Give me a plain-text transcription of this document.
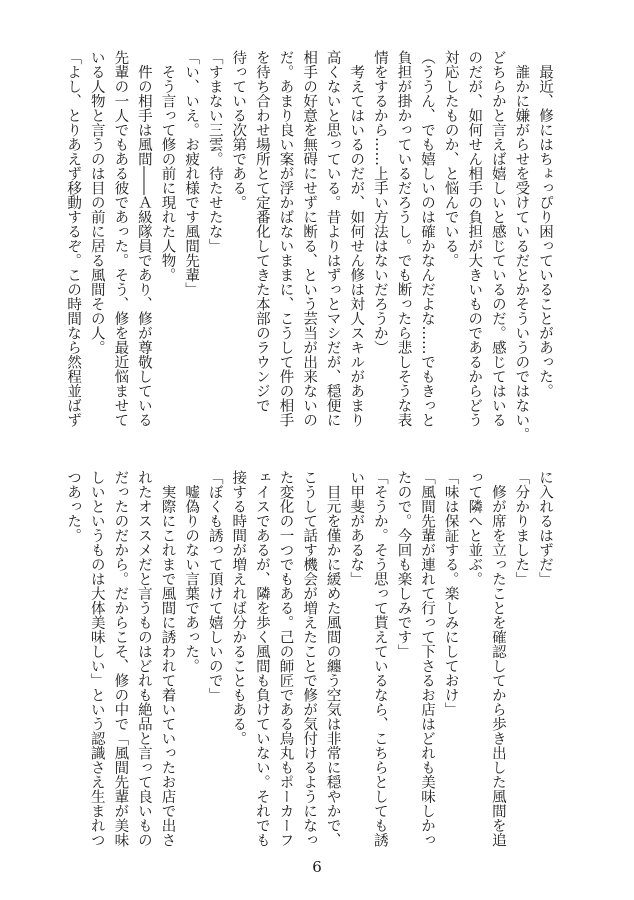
　最近、修にはちょっぴり困っていることがあった。
　誰かに嫌がらせを受けているだとかそういうのではない。
どちらかと言えば嬉しいと感じているのだ。感じてはいる
のだが、如何せん相手の負担が大きいものであるからどう
対応したものか、と悩んでいる。
（ううん、でも嬉しいのは確かなんだよな……でもきっと
負担が掛かっているだろうし。でも断ったら悲しそうな表
情をするから……上手い方法はないだろうか）
　考えてはいるのだが、如何せん修は対人スキルがあまり
高くないと思っている。昔よりはずっとマシだが、穏便に
相手の好意を無碍にせずに断る、という芸当が出来ないの
だ。あまり良い案が浮かばないままに、こうして件の相手
を待ち合わせ場所とて定番化してきた本部のラウンジで
待っている次第である。
「すまない三雲。待たせたな」
「い、いえ。お疲れ様です風間先輩」
　そう言って修の前に現れた人物。
　件の相手は風間――Ａ級隊員であり、修が尊敬している
先輩の一人でもある彼であった。そう、修を最近悩ませて
いる人物と言うのは目の前に居る風間その人。
「よし、とりあえず移動するぞ。この時間なら然程並ばず
に入れるはずだ」
「分かりました」
　修が席を立ったことを確認してから歩き出した風間を追
って隣へと並ぶ。
「味は保証する。楽しみにしておけ」
「風間先輩が連れて行って下さるお店はどれも美味しかっ
たので。今回も楽しみです」
「そうか。そう思って貰えているなら、こちらとしても誘
い甲斐があるな」
　目元を僅かに緩めた風間の纏う空気は非常に穏やかで、
こうして話す機会が増えたことで修が気付けるようになっ
た変化の一つでもある。己の師匠である烏丸もポーカーフ
ェイスであるが、隣を歩く風間も負けていない。それでも
接する時間が増えれば分かることもある。
「ぼくも誘って頂けて嬉しいので」
　嘘偽りのない言葉であった。
　実際にこれまで風間に誘われて着いていったお店で出さ
れたオススメだと言うものはどれも絶品と言って良いもの
だったのだから。だからこそ、修の中で「風間先輩が美味
しいというものは大体美味しい」という認識さえ生まれつ
つあった。
6
